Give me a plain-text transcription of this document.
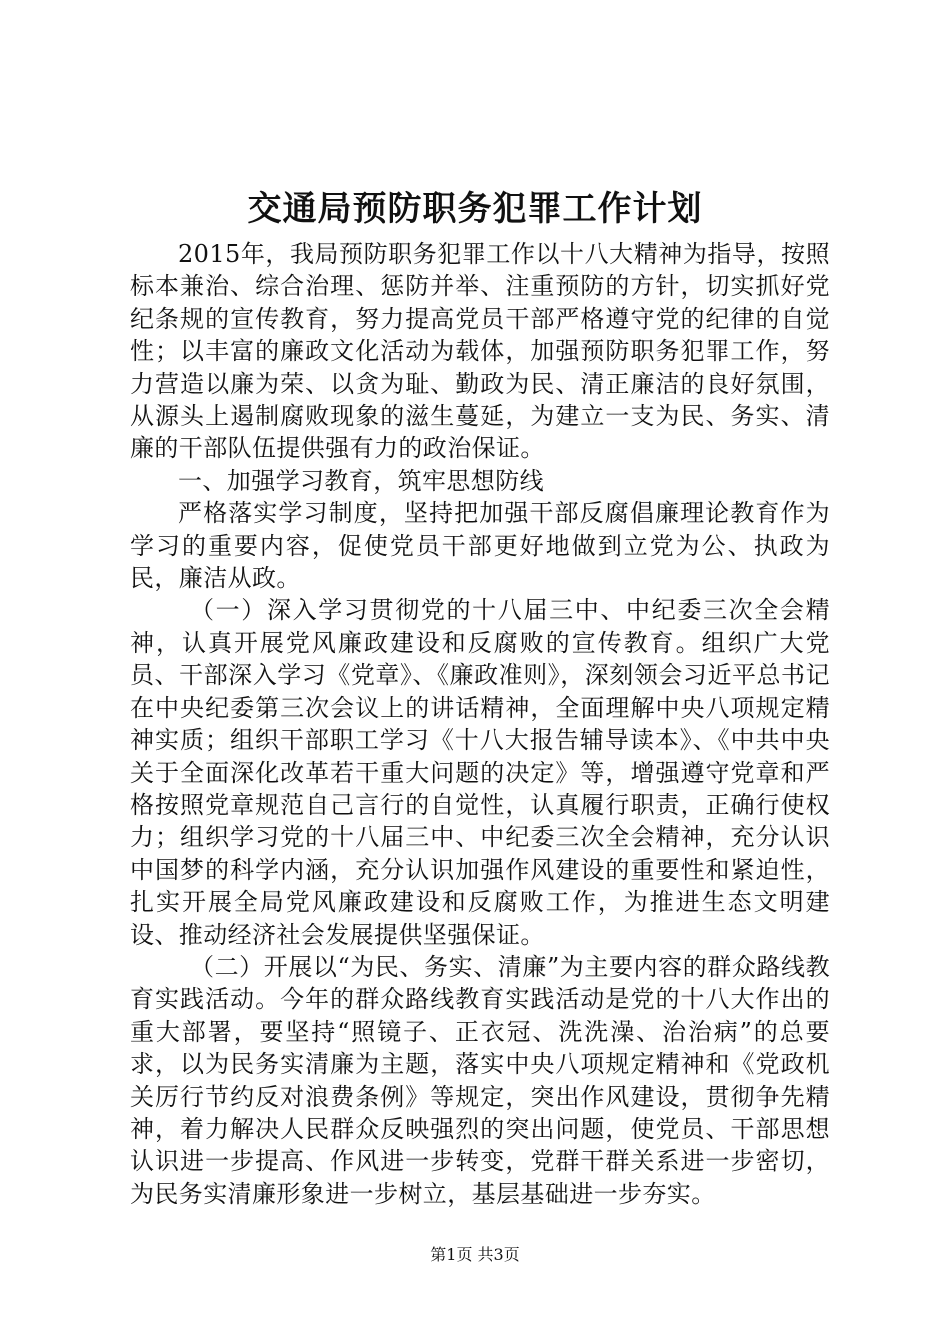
交通局预防职务犯罪工作计划

2015年，我局预防职务犯罪工作以十八大精神为指导，按照标本兼治、综合治理、惩防并举、注重预防的方针，切实抓好党纪条规的宣传教育，努力提高党员干部严格遵守党的纪律的自觉性；以丰富的廉政文化活动为载体，加强预防职务犯罪工作，努力营造以廉为荣、以贪为耻、勤政为民、清正廉洁的良好氛围，从源头上遏制腐败现象的滋生蔓延，为建立一支为民、务实、清廉的干部队伍提供强有力的政治保证。

一、加强学习教育，筑牢思想防线

严格落实学习制度，坚持把加强干部反腐倡廉理论教育作为学习的重要内容，促使党员干部更好地做到立党为公、执政为民，廉洁从政。

（一）深入学习贯彻党的十八届三中、中纪委三次全会精神，认真开展党风廉政建设和反腐败的宣传教育。组织广大党员、干部深入学习《党章》、《廉政准则》，深刻领会习近平总书记在中央纪委第三次会议上的讲话精神，全面理解中央八项规定精神实质；组织干部职工学习《十八大报告辅导读本》、《中共中央关于全面深化改革若干重大问题的决定》等，增强遵守党章和严格按照党章规范自己言行的自觉性，认真履行职责，正确行使权力；组织学习党的十八届三中、中纪委三次全会精神，充分认识中国梦的科学内涵，充分认识加强作风建设的重要性和紧迫性，扎实开展全局党风廉政建设和反腐败工作，为推进生态文明建设、推动经济社会发展提供坚强保证。

（二）开展以“为民、务实、清廉”为主要内容的群众路线教育实践活动。今年的群众路线教育实践活动是党的十八大作出的重大部署，要坚持“照镜子、正衣冠、洗洗澡、治治病”的总要求，以为民务实清廉为主题，落实中央八项规定精神和《党政机关厉行节约反对浪费条例》等规定，突出作风建设，贯彻争先精神，着力解决人民群众反映强烈的突出问题，使党员、干部思想认识进一步提高、作风进一步转变，党群干群关系进一步密切，为民务实清廉形象进一步树立，基层基础进一步夯实。

第1页 共3页
